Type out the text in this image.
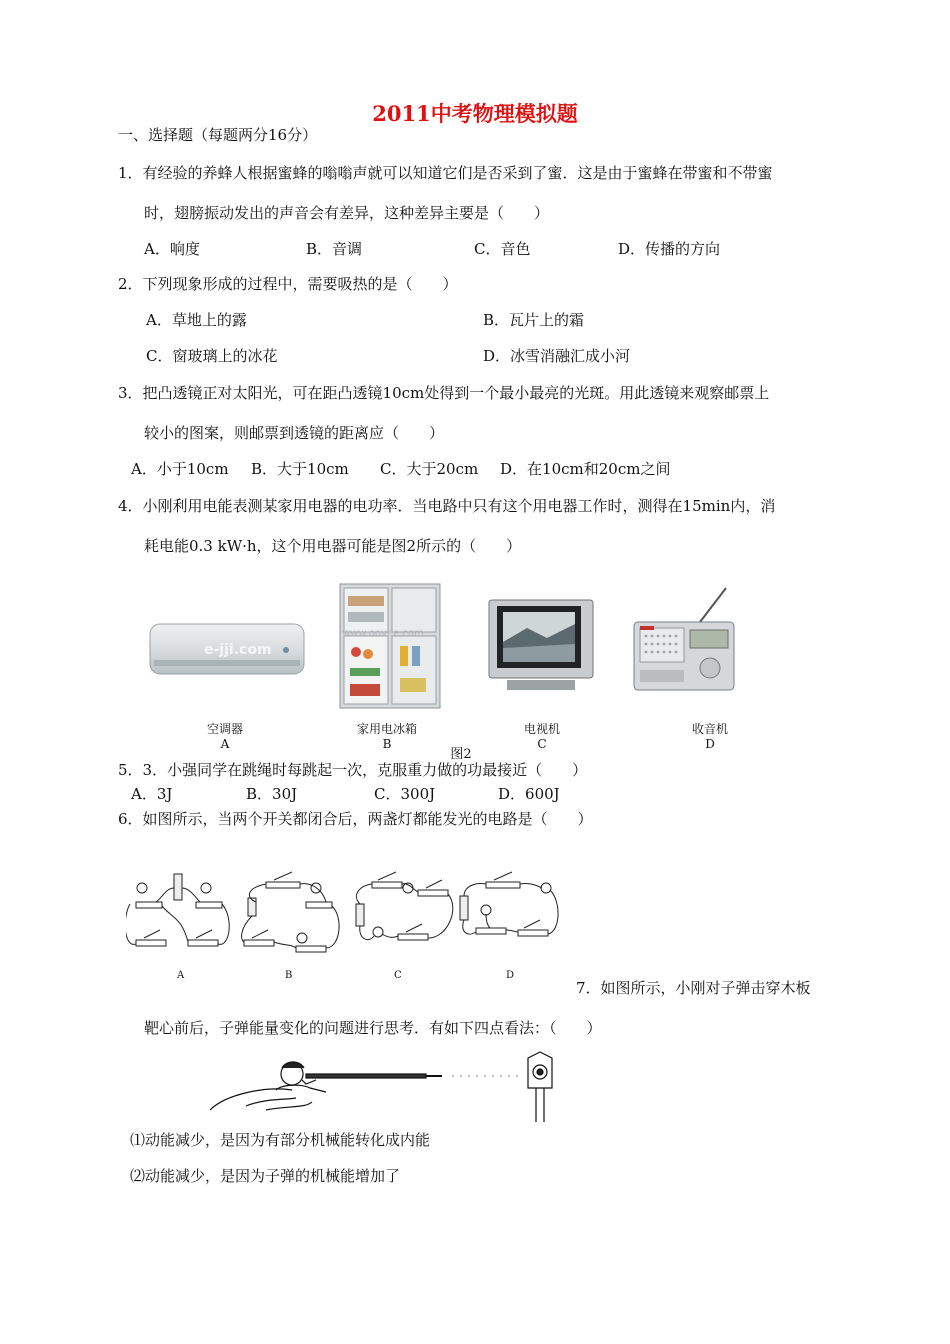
2011中考物理模拟题
一、选择题（每题两分16分）
1．有经验的养蜂人根据蜜蜂的嗡嗡声就可以知道它们是否采到了蜜．这是由于蜜蜂在带蜜和不带蜜
时，翅膀振动发出的声音会有差异，这种差异主要是（　　）
A．响度	B．音调	C．音色	D．传播的方向
2．下列现象形成的过程中，需要吸热的是（　　）
A．草地上的露	B．瓦片上的霜
C．窗玻璃上的冰花	D．冰雪消融汇成小河
3．把凸透镜正对太阳光，可在距凸透镜10cm处得到一个最小最亮的光斑。用此透镜来观察邮票上
较小的图案，则邮票到透镜的距离应（　　）
A．小于10cm B．大于10cm C．大于20cm D．在10cm和20cm之间
4．小刚利用电能表测某家用电器的电功率．当电路中只有这个用电器工作时，测得在15min内，消
耗电能0.3 kW·h，这个用电器可能是图2所示的（　　）
e-jji.com
www.oovee.com
空调器
A
家用电冰箱
B
电视机
C
收音机
D
图2
5．3．小强同学在跳绳时每跳起一次，克服重力做的功最接近（　　）
A．3J	B．30J	C．300J	D．600J
6．如图所示，当两个开关都闭合后，两盏灯都能发光的电路是（　　）
A	B	C	D
7．如图所示，小刚对子弹击穿木板
靶心前后，子弹能量变化的问题进行思考．有如下四点看法：（　　）
⑴动能减少，是因为有部分机械能转化成内能
⑵动能减少，是因为子弹的机械能增加了
